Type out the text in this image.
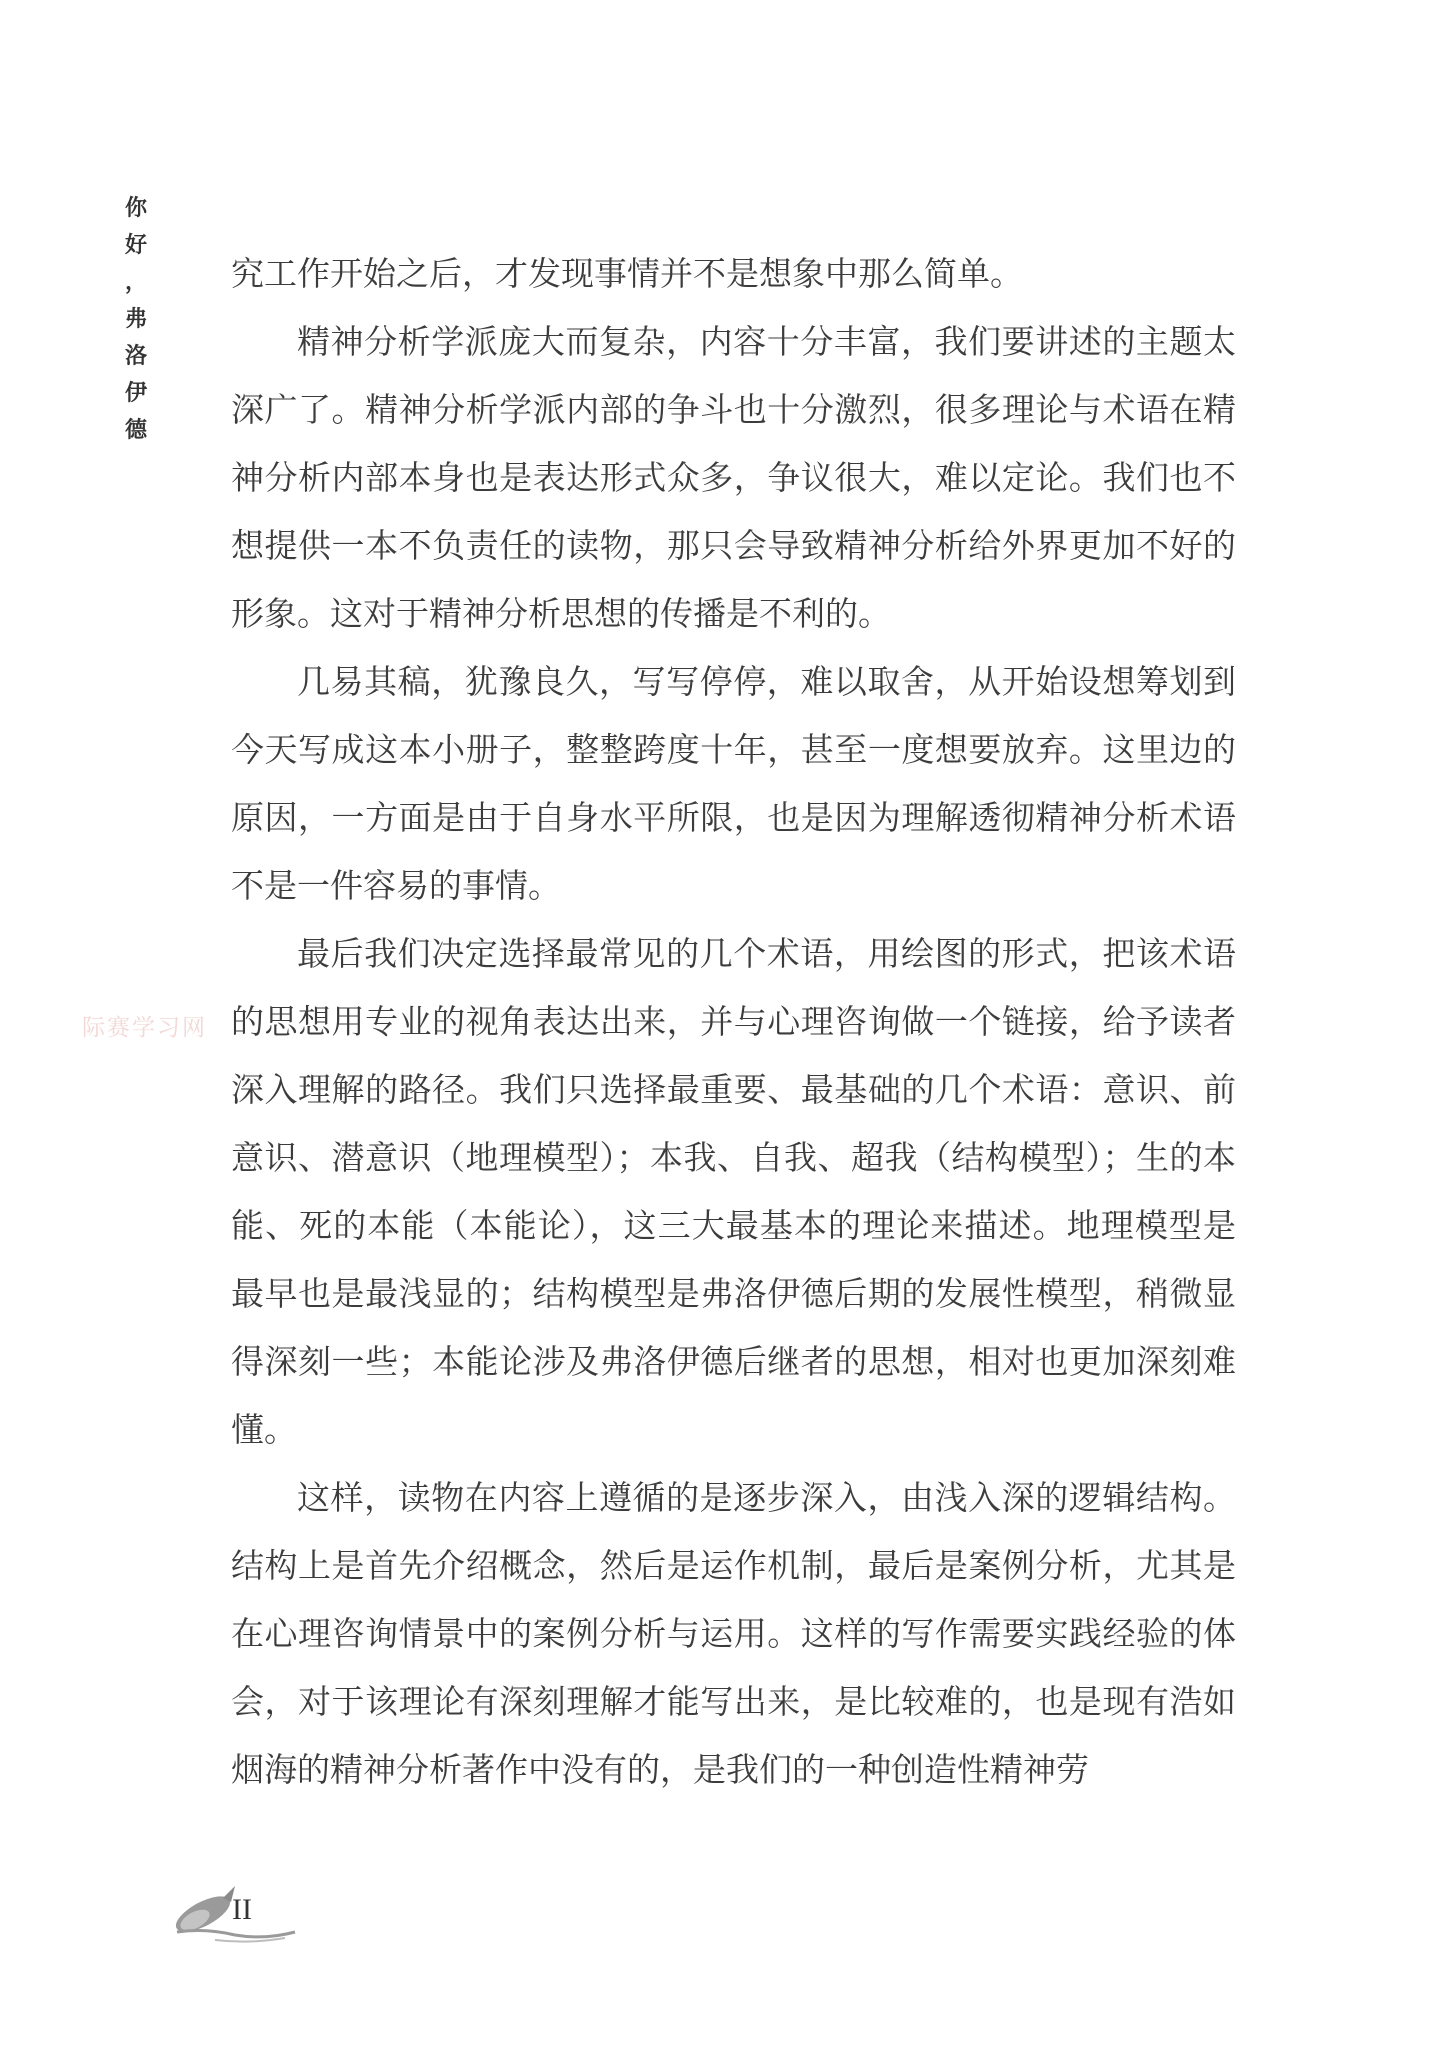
你
好
，
弗
洛
伊
德
际赛学习网

究工作开始之后，才发现事情并不是想象中那么简单。

精神分析学派庞大而复杂，内容十分丰富，我们要讲述的主题太深广了。精神分析学派内部的争斗也十分激烈，很多理论与术语在精神分析内部本身也是表达形式众多，争议很大，难以定论。我们也不想提供一本不负责任的读物，那只会导致精神分析给外界更加不好的形象。这对于精神分析思想的传播是不利的。

几易其稿，犹豫良久，写写停停，难以取舍，从开始设想筹划到今天写成这本小册子，整整跨度十年，甚至一度想要放弃。这里边的原因，一方面是由于自身水平所限，也是因为理解透彻精神分析术语不是一件容易的事情。

最后我们决定选择最常见的几个术语，用绘图的形式，把该术语的思想用专业的视角表达出来，并与心理咨询做一个链接，给予读者深入理解的路径。我们只选择最重要、最基础的几个术语：意识、前意识、潜意识（地理模型）；本我、自我、超我（结构模型）；生的本能、死的本能（本能论），这三大最基本的理论来描述。地理模型是最早也是最浅显的；结构模型是弗洛伊德后期的发展性模型，稍微显得深刻一些；本能论涉及弗洛伊德后继者的思想，相对也更加深刻难懂。

这样，读物在内容上遵循的是逐步深入，由浅入深的逻辑结构。结构上是首先介绍概念，然后是运作机制，最后是案例分析，尤其是在心理咨询情景中的案例分析与运用。这样的写作需要实践经验的体会，对于该理论有深刻理解才能写出来，是比较难的，也是现有浩如烟海的精神分析著作中没有的，是我们的一种创造性精神劳

II
